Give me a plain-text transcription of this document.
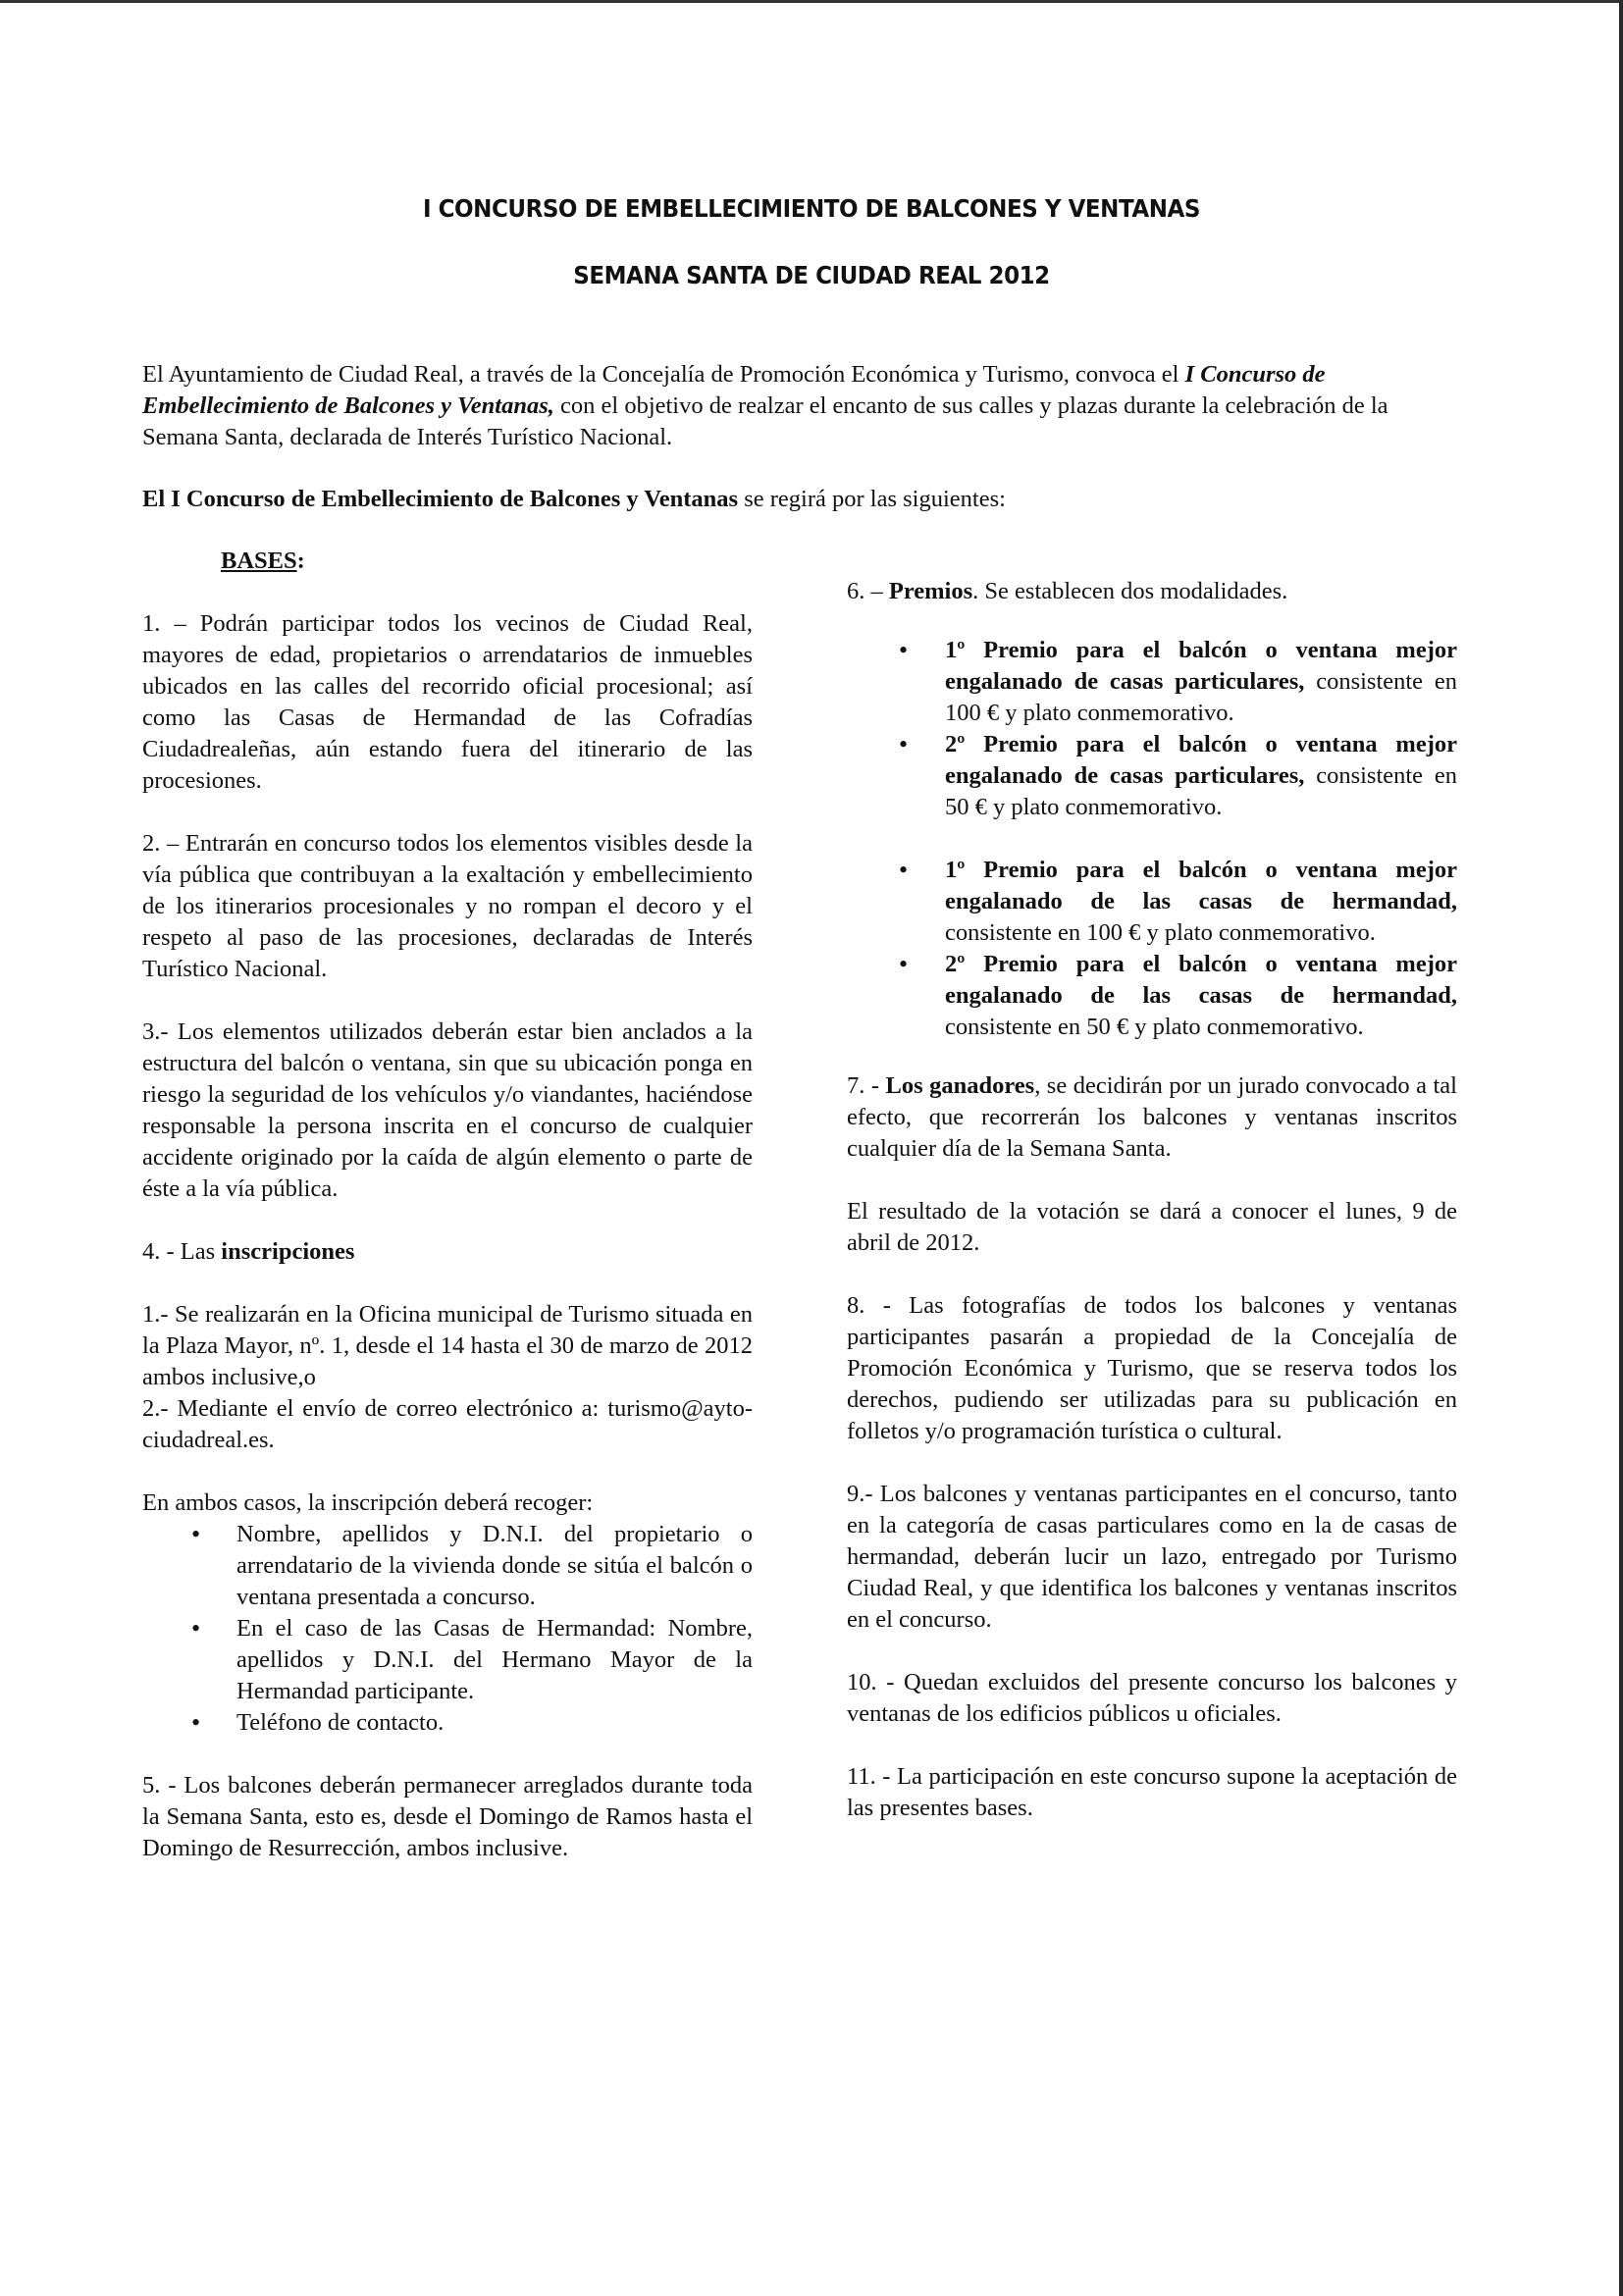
I CONCURSO DE EMBELLECIMIENTO DE BALCONES Y VENTANAS
SEMANA SANTA DE CIUDAD REAL 2012

El Ayuntamiento de Ciudad Real, a través de la Concejalía de Promoción Económica y Turismo, convoca el I Concurso de Embellecimiento de Balcones y Ventanas, con el objetivo de realzar el encanto de sus calles y plazas durante la celebración de la Semana Santa, declarada de Interés Turístico Nacional.

El I Concurso de Embellecimiento de Balcones y Ventanas se regirá por las siguientes:

BASES:

1. – Podrán participar todos los vecinos de Ciudad Real, mayores de edad, propietarios o arrendatarios de inmuebles ubicados en las calles del recorrido oficial procesional; así como las Casas de Hermandad de las Cofradías Ciudadrealeñas, aún estando fuera del itinerario de las procesiones.

2. – Entrarán en concurso todos los elementos visibles desde la vía pública que contribuyan a la exaltación y embellecimiento de los itinerarios procesionales y no rompan el decoro y el respeto al paso de las procesiones, declaradas de Interés Turístico Nacional.

3.- Los elementos utilizados deberán estar bien anclados a la estructura del balcón o ventana, sin que su ubicación ponga en riesgo la seguridad de los vehículos y/o viandantes, haciéndose responsable la persona inscrita en el concurso de cualquier accidente originado por la caída de algún elemento o parte de éste a la vía pública.

4. - Las inscripciones

1.- Se realizarán en la Oficina municipal de Turismo situada en la Plaza Mayor, nº. 1, desde el 14 hasta el 30 de marzo de 2012 ambos inclusive,o

2.- Mediante el envío de correo electrónico a: turismo@ayto-ciudadreal.es.

En ambos casos, la inscripción deberá recoger:

• Nombre, apellidos y D.N.I. del propietario o arrendatario de la vivienda donde se sitúa el balcón o ventana presentada a concurso.
• En el caso de las Casas de Hermandad: Nombre, apellidos y D.N.I. del Hermano Mayor de la Hermandad participante.
• Teléfono de contacto.

5. - Los balcones deberán permanecer arreglados durante toda la Semana Santa, esto es, desde el Domingo de Ramos hasta el Domingo de Resurrección, ambos inclusive.

6. – Premios. Se establecen dos modalidades.

• 1º Premio para el balcón o ventana mejor engalanado de casas particulares, consistente en 100 € y plato conmemorativo.
• 2º Premio para el balcón o ventana mejor engalanado de casas particulares, consistente en 50 € y plato conmemorativo.
• 1º Premio para el balcón o ventana mejor engalanado de las casas de hermandad, consistente en 100 € y plato conmemorativo.
• 2º Premio para el balcón o ventana mejor engalanado de las casas de hermandad, consistente en 50 € y plato conmemorativo.

7. - Los ganadores, se decidirán por un jurado convocado a tal efecto, que recorrerán los balcones y ventanas inscritos cualquier día de la Semana Santa.

El resultado de la votación se dará a conocer el lunes, 9 de abril de 2012.

8. - Las fotografías de todos los balcones y ventanas participantes pasarán a propiedad de la Concejalía de Promoción Económica y Turismo, que se reserva todos los derechos, pudiendo ser utilizadas para su publicación en folletos y/o programación turística o cultural.

9.- Los balcones y ventanas participantes en el concurso, tanto en la categoría de casas particulares como en la de casas de hermandad, deberán lucir un lazo, entregado por Turismo Ciudad Real, y que identifica los balcones y ventanas inscritos en el concurso.

10. - Quedan excluidos del presente concurso los balcones y ventanas de los edificios públicos u oficiales.

11. - La participación en este concurso supone la aceptación de las presentes bases.
